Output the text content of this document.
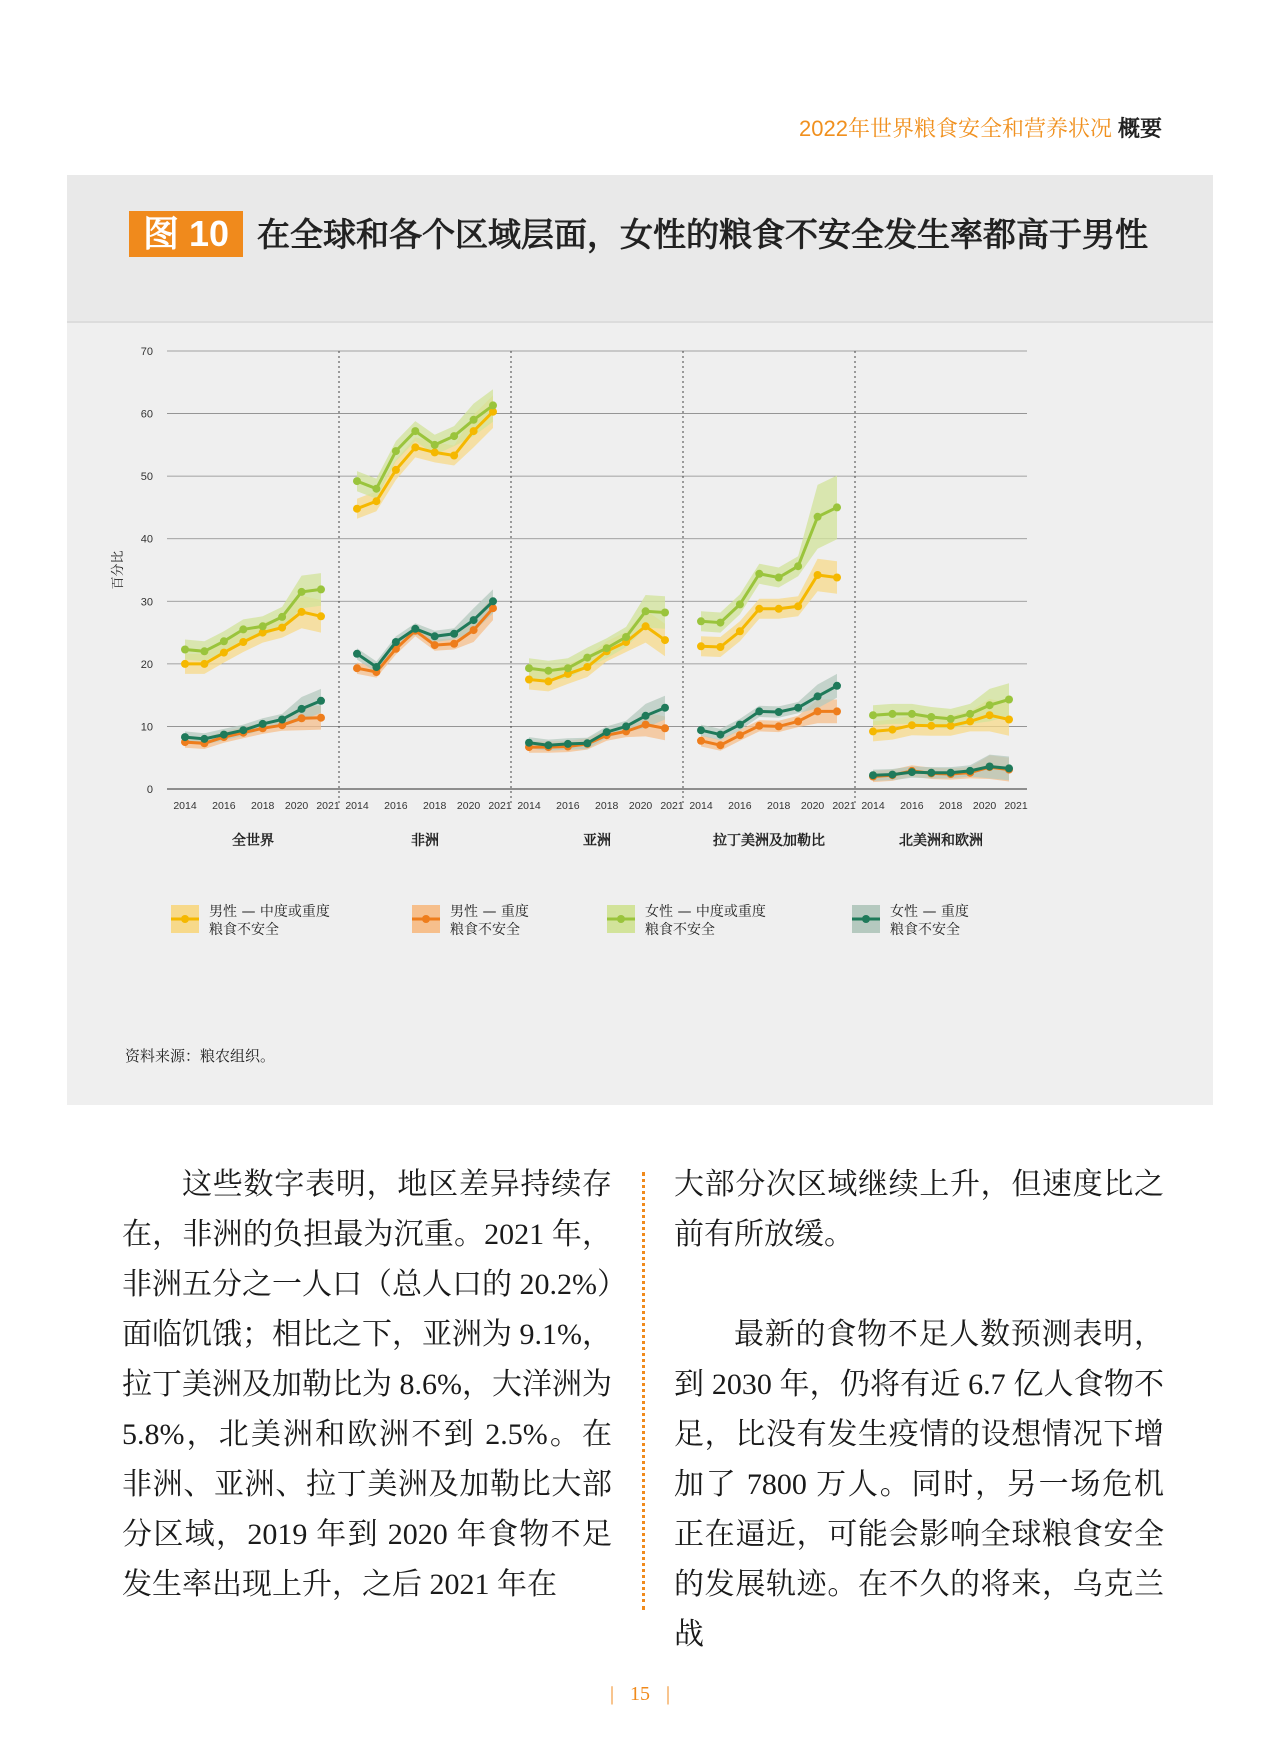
2022年世界粮食安全和营养状况 概要
在全球和各个区域层面，女性的粮食不安全发生率都高于男性
图 10
0
10
20
30
40
50
60
70
百分比
2014 2016 2018 2020 2021
全世界
2014 2016 2018 2020 2021
非洲
2014 2016 2018 2020 2021
亚洲
2014 2016 2018 2020 2021
拉丁美洲及加勒比
2014 2016 2018 2020 2021
北美洲和欧洲
男性 — 中度或重度
粮食不安全
男性 — 重度
粮食不安全
女性 — 中度或重度
粮食不安全
女性 — 重度
粮食不安全
资料来源：粮农组织。

这些数字表明，地区差异持续存在，非洲的负担最为沉重。2021 年，非洲五分之一人口（总人口的 20.2%）面临饥饿；相比之下，亚洲为 9.1%，拉丁美洲及加勒比为 8.6%，大洋洲为 5.8%，北美洲和欧洲不到 2.5%。在非洲、亚洲、拉丁美洲及加勒比大部分区域，2019 年到 2020 年食物不足发生率出现上升，之后 2021 年在

大部分次区域继续上升，但速度比之前有所放缓。

最新的食物不足人数预测表明，到 2030 年，仍将有近 6.7 亿人食物不足，比没有发生疫情的设想情况下增加了 7800 万人。同时，另一场危机正在逼近，可能会影响全球粮食安全的发展轨迹。在不久的将来，乌克兰战

| 15 |
